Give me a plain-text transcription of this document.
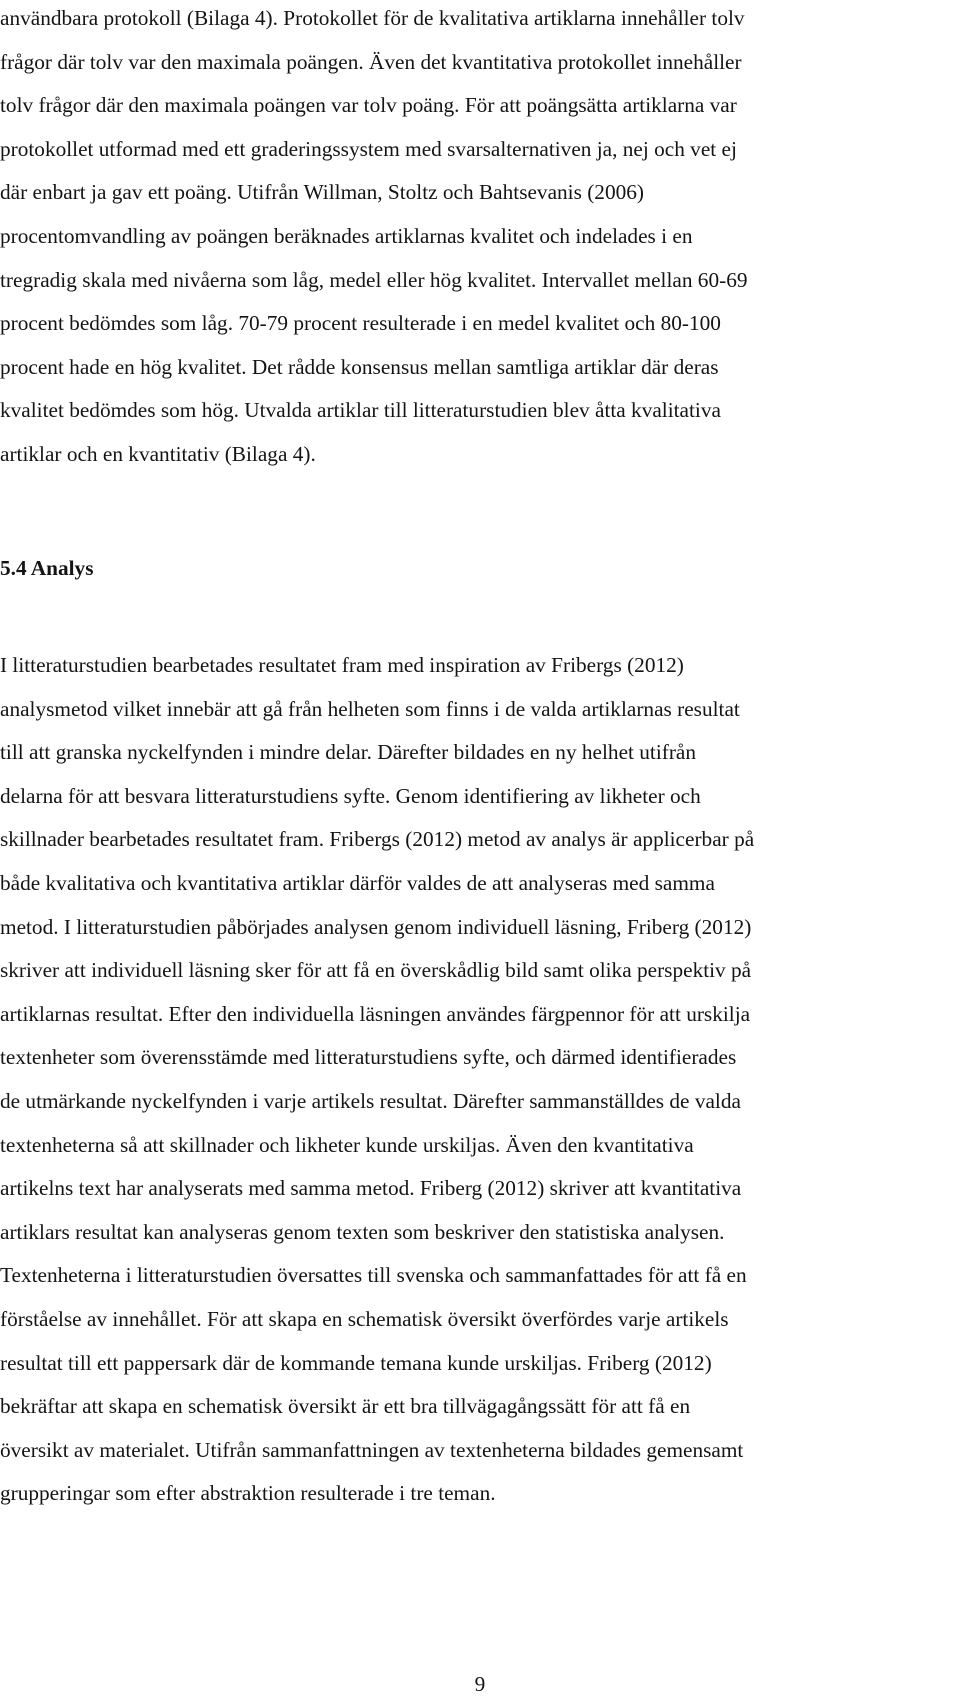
användbara protokoll (Bilaga 4). Protokollet för de kvalitativa artiklarna innehåller tolv
frågor där tolv var den maximala poängen. Även det kvantitativa protokollet innehåller
tolv frågor där den maximala poängen var tolv poäng. För att poängsätta artiklarna var
protokollet utformad med ett graderingssystem med svarsalternativen ja, nej och vet ej
där enbart ja gav ett poäng. Utifrån Willman, Stoltz och Bahtsevanis (2006)
procentomvandling av poängen beräknades artiklarnas kvalitet och indelades i en
tregradig skala med nivåerna som låg, medel eller hög kvalitet. Intervallet mellan 60-69
procent bedömdes som låg. 70-79 procent resulterade i en medel kvalitet och 80-100
procent hade en hög kvalitet. Det rådde konsensus mellan samtliga artiklar där deras
kvalitet bedömdes som hög. Utvalda artiklar till litteraturstudien blev åtta kvalitativa
artiklar och en kvantitativ (Bilaga 4).
5.4 Analys
I litteraturstudien bearbetades resultatet fram med inspiration av Fribergs (2012)
analysmetod vilket innebär att gå från helheten som finns i de valda artiklarnas resultat
till att granska nyckelfynden i mindre delar. Därefter bildades en ny helhet utifrån
delarna för att besvara litteraturstudiens syfte. Genom identifiering av likheter och
skillnader bearbetades resultatet fram. Fribergs (2012) metod av analys är applicerbar på
både kvalitativa och kvantitativa artiklar därför valdes de att analyseras med samma
metod. I litteraturstudien påbörjades analysen genom individuell läsning, Friberg (2012)
skriver att individuell läsning sker för att få en överskådlig bild samt olika perspektiv på
artiklarnas resultat. Efter den individuella läsningen användes färgpennor för att urskilja
textenheter som överensstämde med litteraturstudiens syfte, och därmed identifierades
de utmärkande nyckelfynden i varje artikels resultat. Därefter sammanställdes de valda
textenheterna så att skillnader och likheter kunde urskiljas. Även den kvantitativa
artikelns text har analyserats med samma metod. Friberg (2012) skriver att kvantitativa
artiklars resultat kan analyseras genom texten som beskriver den statistiska analysen.
Textenheterna i litteraturstudien översattes till svenska och sammanfattades för att få en
förståelse av innehållet. För att skapa en schematisk översikt överfördes varje artikels
resultat till ett pappersark där de kommande temana kunde urskiljas. Friberg (2012)
bekräftar att skapa en schematisk översikt är ett bra tillvägagångssätt för att få en
översikt av materialet. Utifrån sammanfattningen av textenheterna bildades gemensamt
grupperingar som efter abstraktion resulterade i tre teman.
9
